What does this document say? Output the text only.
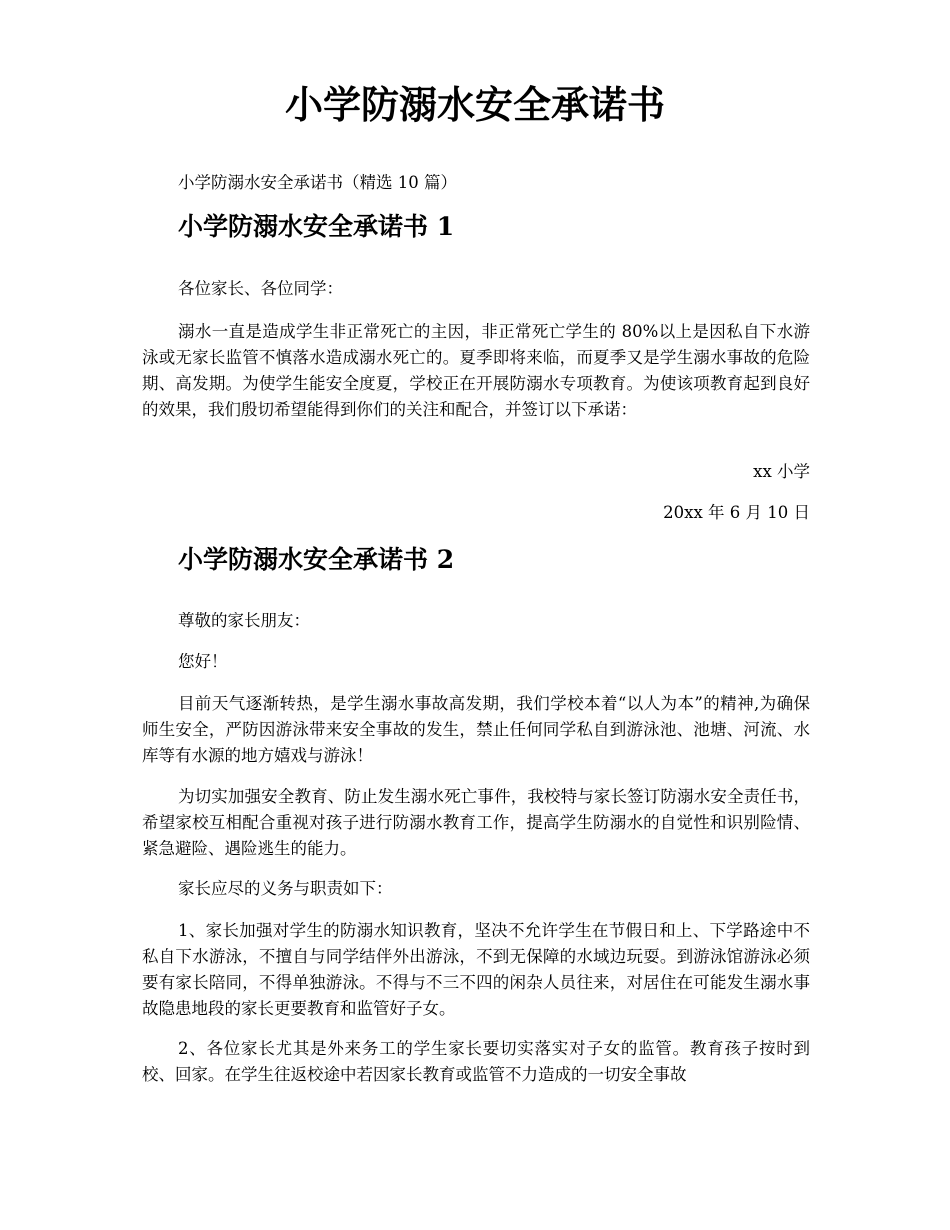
小学防溺水安全承诺书

小学防溺水安全承诺书（精选 10 篇）

小学防溺水安全承诺书 1

各位家长、各位同学：

溺水一直是造成学生非正常死亡的主因，非正常死亡学生的 80%以上是因私自下水游泳或无家长监管不慎落水造成溺水死亡的。夏季即将来临，而夏季又是学生溺水事故的危险期、高发期。为使学生能安全度夏，学校正在开展防溺水专项教育。为使该项教育起到良好的效果，我们殷切希望能得到你们的关注和配合，并签订以下承诺：

xx 小学

20xx 年 6 月 10 日

小学防溺水安全承诺书 2

尊敬的家长朋友：

您好！

目前天气逐渐转热，是学生溺水事故高发期，我们学校本着“以人为本”的精神,为确保师生安全，严防因游泳带来安全事故的发生，禁止任何同学私自到游泳池、池塘、河流、水库等有水源的地方嬉戏与游泳！

为切实加强安全教育、防止发生溺水死亡事件，我校特与家长签订防溺水安全责任书，希望家校互相配合重视对孩子进行防溺水教育工作，提高学生防溺水的自觉性和识别险情、紧急避险、遇险逃生的能力。

家长应尽的义务与职责如下：

1、家长加强对学生的防溺水知识教育，坚决不允许学生在节假日和上、下学路途中不私自下水游泳，不擅自与同学结伴外出游泳，不到无保障的水域边玩耍。到游泳馆游泳必须要有家长陪同，不得单独游泳。不得与不三不四的闲杂人员往来，对居住在可能发生溺水事故隐患地段的家长更要教育和监管好子女。

2、各位家长尤其是外来务工的学生家长要切实落实对子女的监管。教育孩子按时到校、回家。在学生往返校途中若因家长教育或监管不力造成的一切安全事故
